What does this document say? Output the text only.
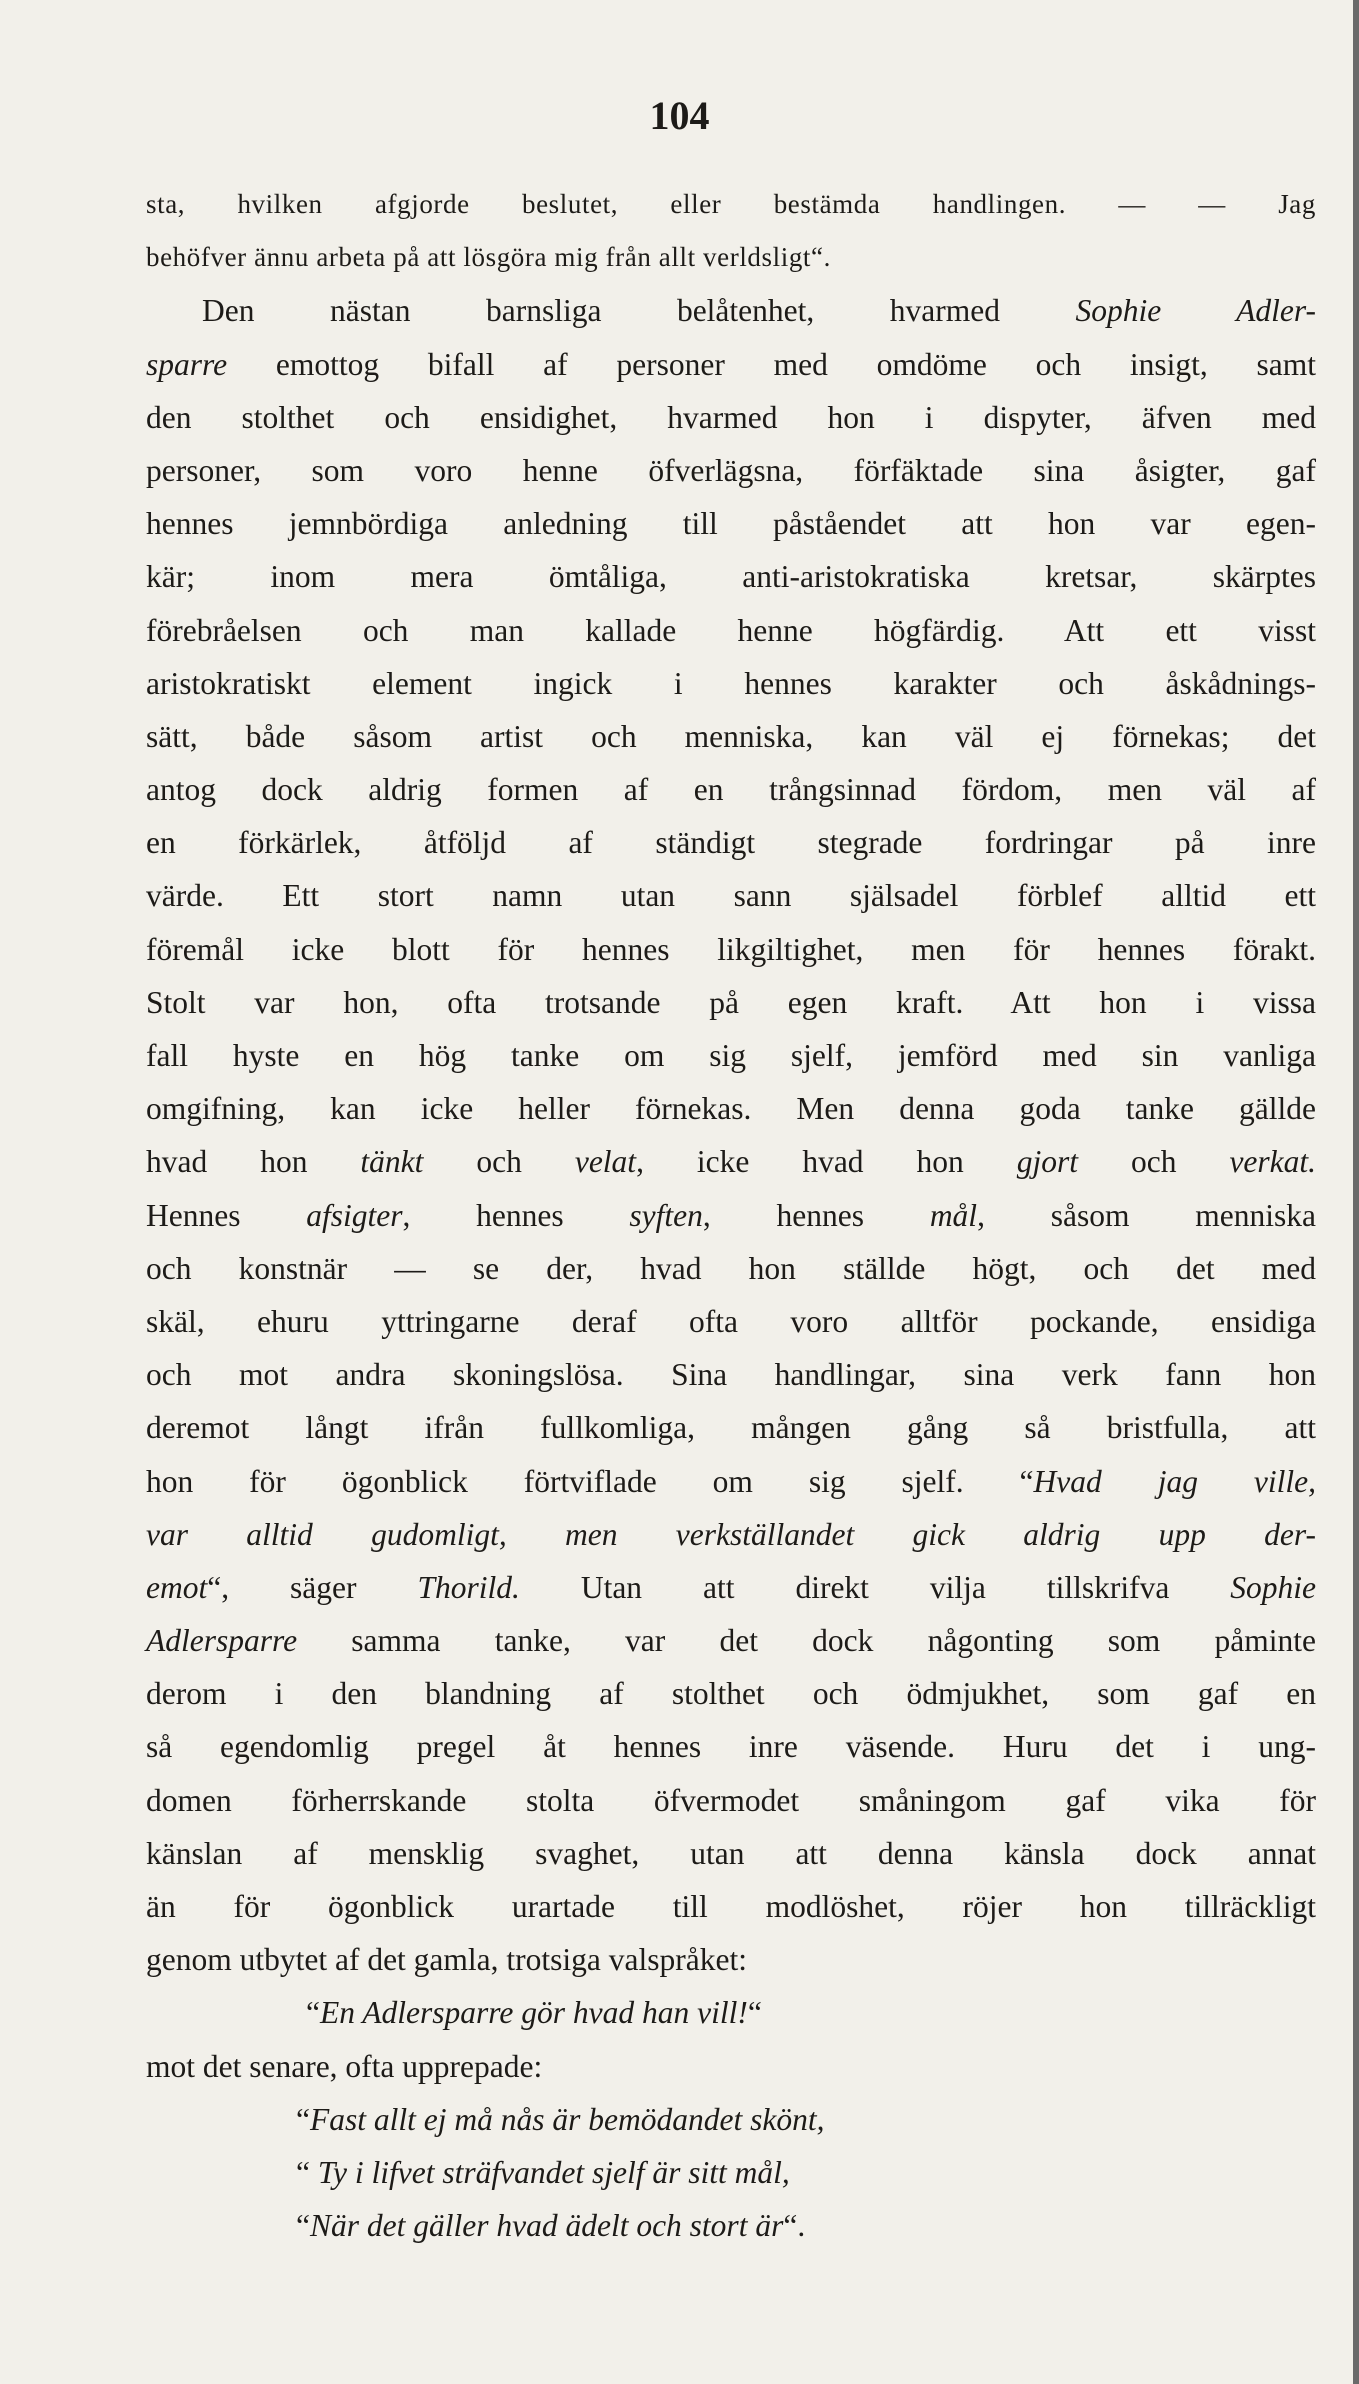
104
sta, hvilken afgjorde beslutet, eller bestämda handlingen. — — Jag
behöfver ännu arbeta på att lösgöra mig från allt verldsligt“.
Den nästan barnsliga belåtenhet, hvarmed Sophie Adler-
sparre emottog bifall af personer med omdöme och insigt, samt
den stolthet och ensidighet, hvarmed hon i dispyter, äfven med
personer, som voro henne öfverlägsna, förfäktade sina åsigter, gaf
hennes jemnbördiga anledning till påståendet att hon var egen-
kär; inom mera ömtåliga, anti-aristokratiska kretsar, skärptes
förebråelsen och man kallade henne högfärdig. Att ett visst
aristokratiskt element ingick i hennes karakter och åskådnings-
sätt, både såsom artist och menniska, kan väl ej förnekas; det
antog dock aldrig formen af en trångsinnad fördom, men väl af
en förkärlek, åtföljd af ständigt stegrade fordringar på inre
värde. Ett stort namn utan sann själsadel förblef alltid ett
föremål icke blott för hennes likgiltighet, men för hennes förakt.
Stolt var hon, ofta trotsande på egen kraft. Att hon i vissa
fall hyste en hög tanke om sig sjelf, jemförd med sin vanliga
omgifning, kan icke heller förnekas. Men denna goda tanke gällde
hvad hon tänkt och velat, icke hvad hon gjort och verkat.
Hennes afsigter, hennes syften, hennes mål, såsom menniska
och konstnär — se der, hvad hon ställde högt, och det med
skäl, ehuru yttringarne deraf ofta voro alltför pockande, ensidiga
och mot andra skoningslösa. Sina handlingar, sina verk fann hon
deremot långt ifrån fullkomliga, mången gång så bristfulla, att
hon för ögonblick förtviflade om sig sjelf. “Hvad jag ville,
var alltid gudomligt, men verkställandet gick aldrig upp der-
emot“, säger Thorild. Utan att direkt vilja tillskrifva Sophie
Adlersparre samma tanke, var det dock någonting som påminte
derom i den blandning af stolthet och ödmjukhet, som gaf en
så egendomlig pregel åt hennes inre väsende. Huru det i ung-
domen förherrskande stolta öfvermodet småningom gaf vika för
känslan af mensklig svaghet, utan att denna känsla dock annat
än för ögonblick urartade till modlöshet, röjer hon tillräckligt
genom utbytet af det gamla, trotsiga valspråket:
“En Adlersparre gör hvad han vill!“
mot det senare, ofta upprepade:
“Fast allt ej må nås är bemödandet skönt,
“ Ty i lifvet sträfvandet sjelf är sitt mål,
“När det gäller hvad ädelt och stort är“.
